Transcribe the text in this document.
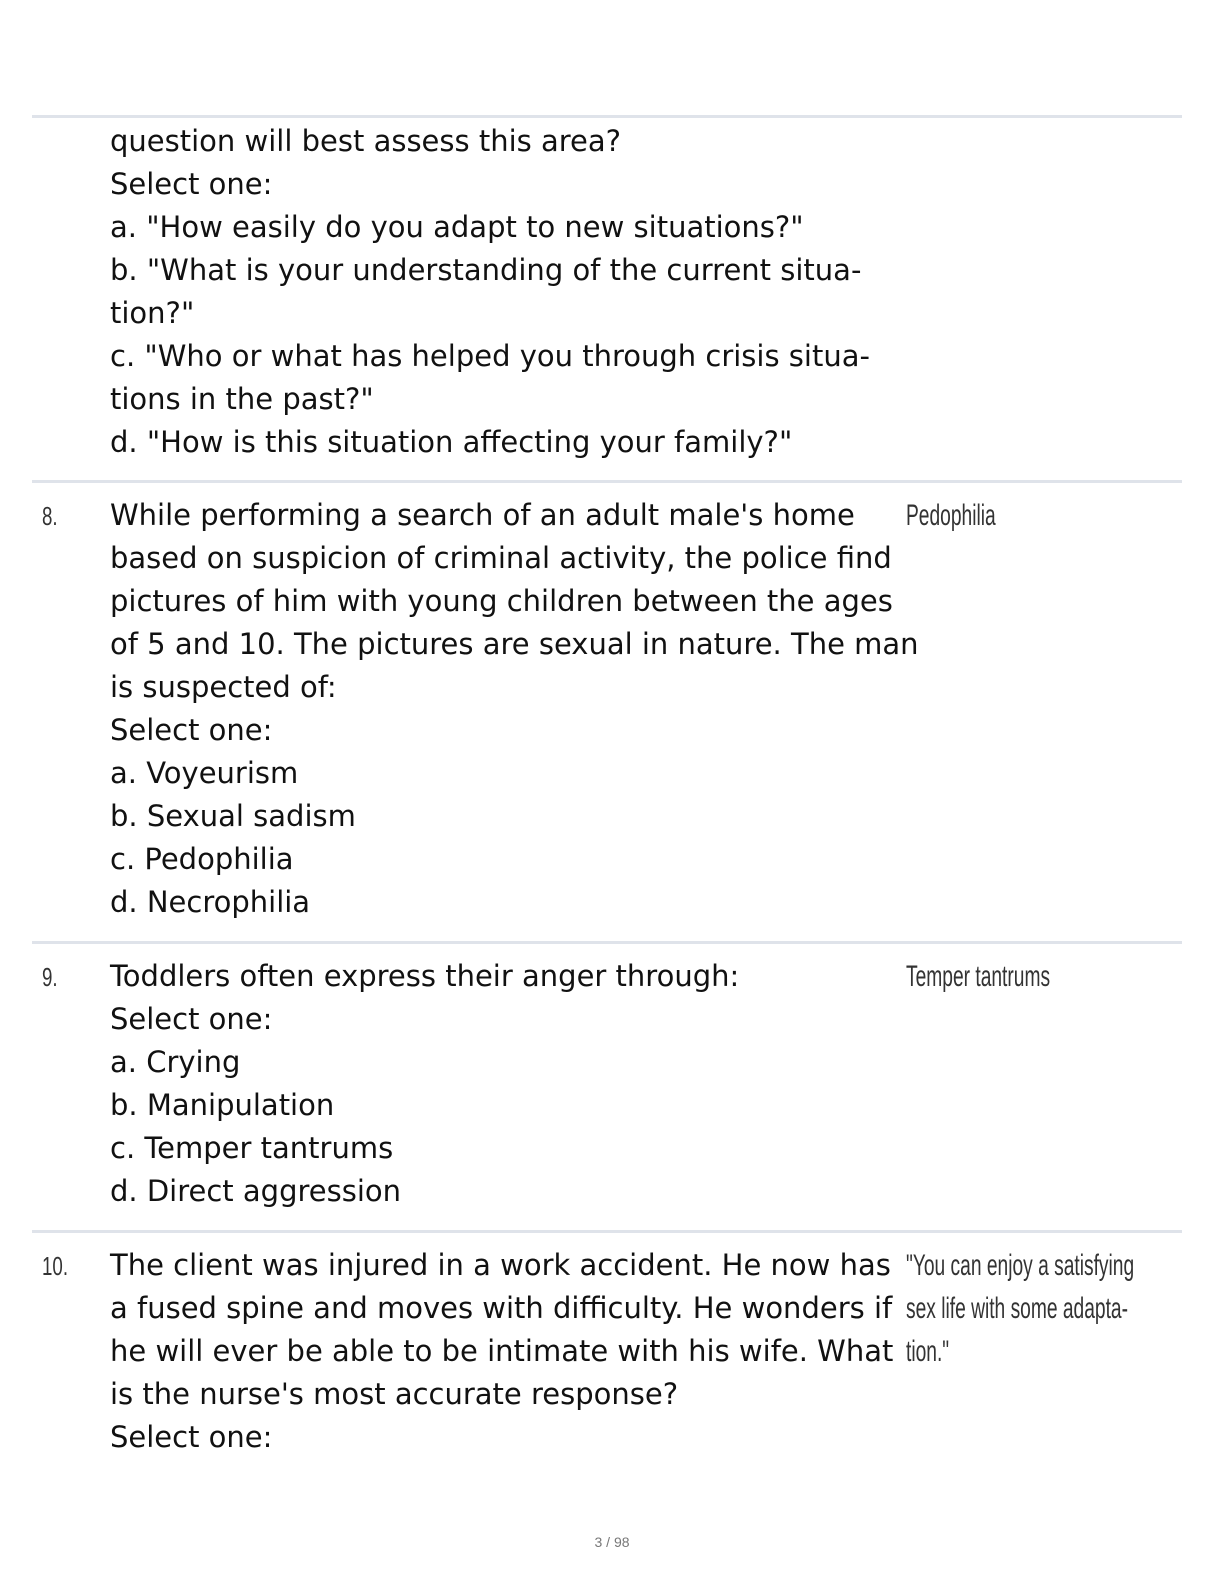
question will best assess this area?
Select one:
a. "How easily do you adapt to new situations?"
b. "What is your understanding of the current situa-
tion?"
c. "Who or what has helped you through crisis situa-
tions in the past?"
d. "How is this situation affecting your family?"
8. While performing a search of an adult male's home
based on suspicion of criminal activity, the police find
pictures of him with young children between the ages
of 5 and 10. The pictures are sexual in nature. The man
is suspected of:
Select one:
a. Voyeurism
b. Sexual sadism
c. Pedophilia
d. Necrophilia
Pedophilia
9. Toddlers often express their anger through:
Select one:
a. Crying
b. Manipulation
c. Temper tantrums
d. Direct aggression
Temper tantrums
10. The client was injured in a work accident. He now has
a fused spine and moves with difficulty. He wonders if
he will ever be able to be intimate with his wife. What
is the nurse's most accurate response?
Select one:
"You can enjoy a satisfying
sex life with some adapta-
tion."
3 / 98
